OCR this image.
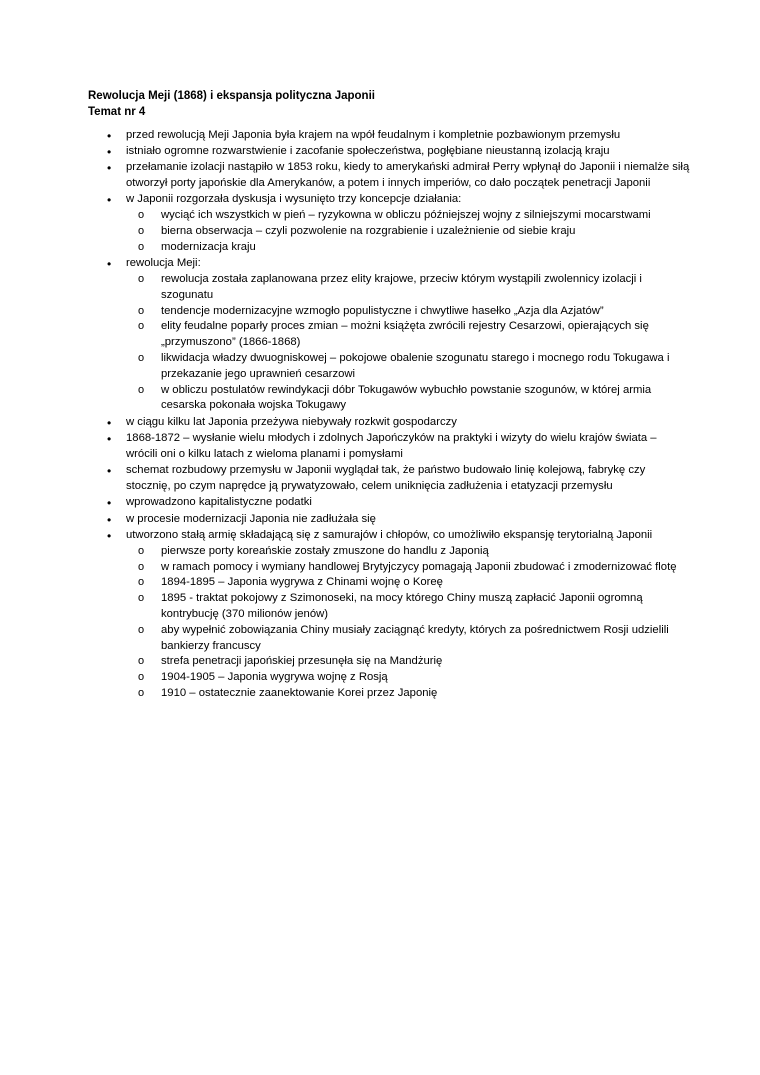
Rewolucja Meji (1868) i ekspansja polityczna Japonii
Temat nr 4
• przed rewolucją Meji Japonia była krajem na wpół feudalnym i kompletnie pozbawionym przemysłu
• istniało ogromne rozwarstwienie i zacofanie społeczeństwa, pogłębiane nieustanną izolacją kraju
• przełamanie izolacji nastąpiło w 1853 roku, kiedy to amerykański admirał Perry wpłynął do Japonii i niemalże siłą otworzył porty japońskie dla Amerykanów, a potem i innych imperiów, co dało początek penetracji Japonii
• w Japonii rozgorzała dyskusja i wysunięto trzy koncepcje działania:
o wyciąć ich wszystkich w pień – ryzykowna w obliczu późniejszej wojny z silniejszymi mocarstwami
o bierna obserwacja – czyli pozwolenie na rozgrabienie i uzależnienie od siebie kraju
o modernizacja kraju
• rewolucja Meji:
o rewolucja została zaplanowana przez elity krajowe, przeciw którym wystąpili zwolennicy izolacji i szogunatu
o tendencje modernizacyjne wzmogło populistyczne i chwytliwe hasełko „Azja dla Azjatów”
o elity feudalne poparły proces zmian – możni książęta zwrócili rejestry Cesarzowi, opierających się „przymuszono” (1866-1868)
o likwidacja władzy dwuogniskowej – pokojowe obalenie szogunatu starego i mocnego rodu Tokugawa i przekazanie jego uprawnień cesarzowi
o w obliczu postulatów rewindykacji dóbr Tokugawów wybuchło powstanie szogunów, w której armia cesarska pokonała wojska Tokugawy
• w ciągu kilku lat Japonia przeżywa niebywały rozkwit gospodarczy
• 1868-1872 – wysłanie wielu młodych i zdolnych Japończyków na praktyki i wizyty do wielu krajów świata – wrócili oni o kilku latach z wieloma planami i pomysłami
• schemat rozbudowy przemysłu w Japonii wyglądał tak, że państwo budowało linię kolejową, fabrykę czy stocznię, po czym naprędce ją prywatyzowało, celem uniknięcia zadłużenia i etatyzacji przemysłu
• wprowadzono kapitalistyczne podatki
• w procesie modernizacji Japonia nie zadłużała się
• utworzono stałą armię składającą się z samurajów i chłopów, co umożliwiło ekspansję terytorialną Japonii
o pierwsze porty koreańskie zostały zmuszone do handlu z Japonią
o w ramach pomocy i wymiany handlowej Brytyjczycy pomagają Japonii zbudować i zmodernizować flotę
o 1894-1895 – Japonia wygrywa z Chinami wojnę o Koreę
o 1895 - traktat pokojowy z Szimonoseki, na mocy którego Chiny muszą zapłacić Japonii ogromną kontrybucję (370 milionów jenów)
o aby wypełnić zobowiązania Chiny musiały zaciągnąć kredyty, których za pośrednictwem Rosji udzielili bankierzy francuscy
o strefa penetracji japońskiej przesunęła się na Mandżurię
o 1904-1905 – Japonia wygrywa wojnę z Rosją
o 1910 – ostatecznie zaanektowanie Korei przez Japonię
